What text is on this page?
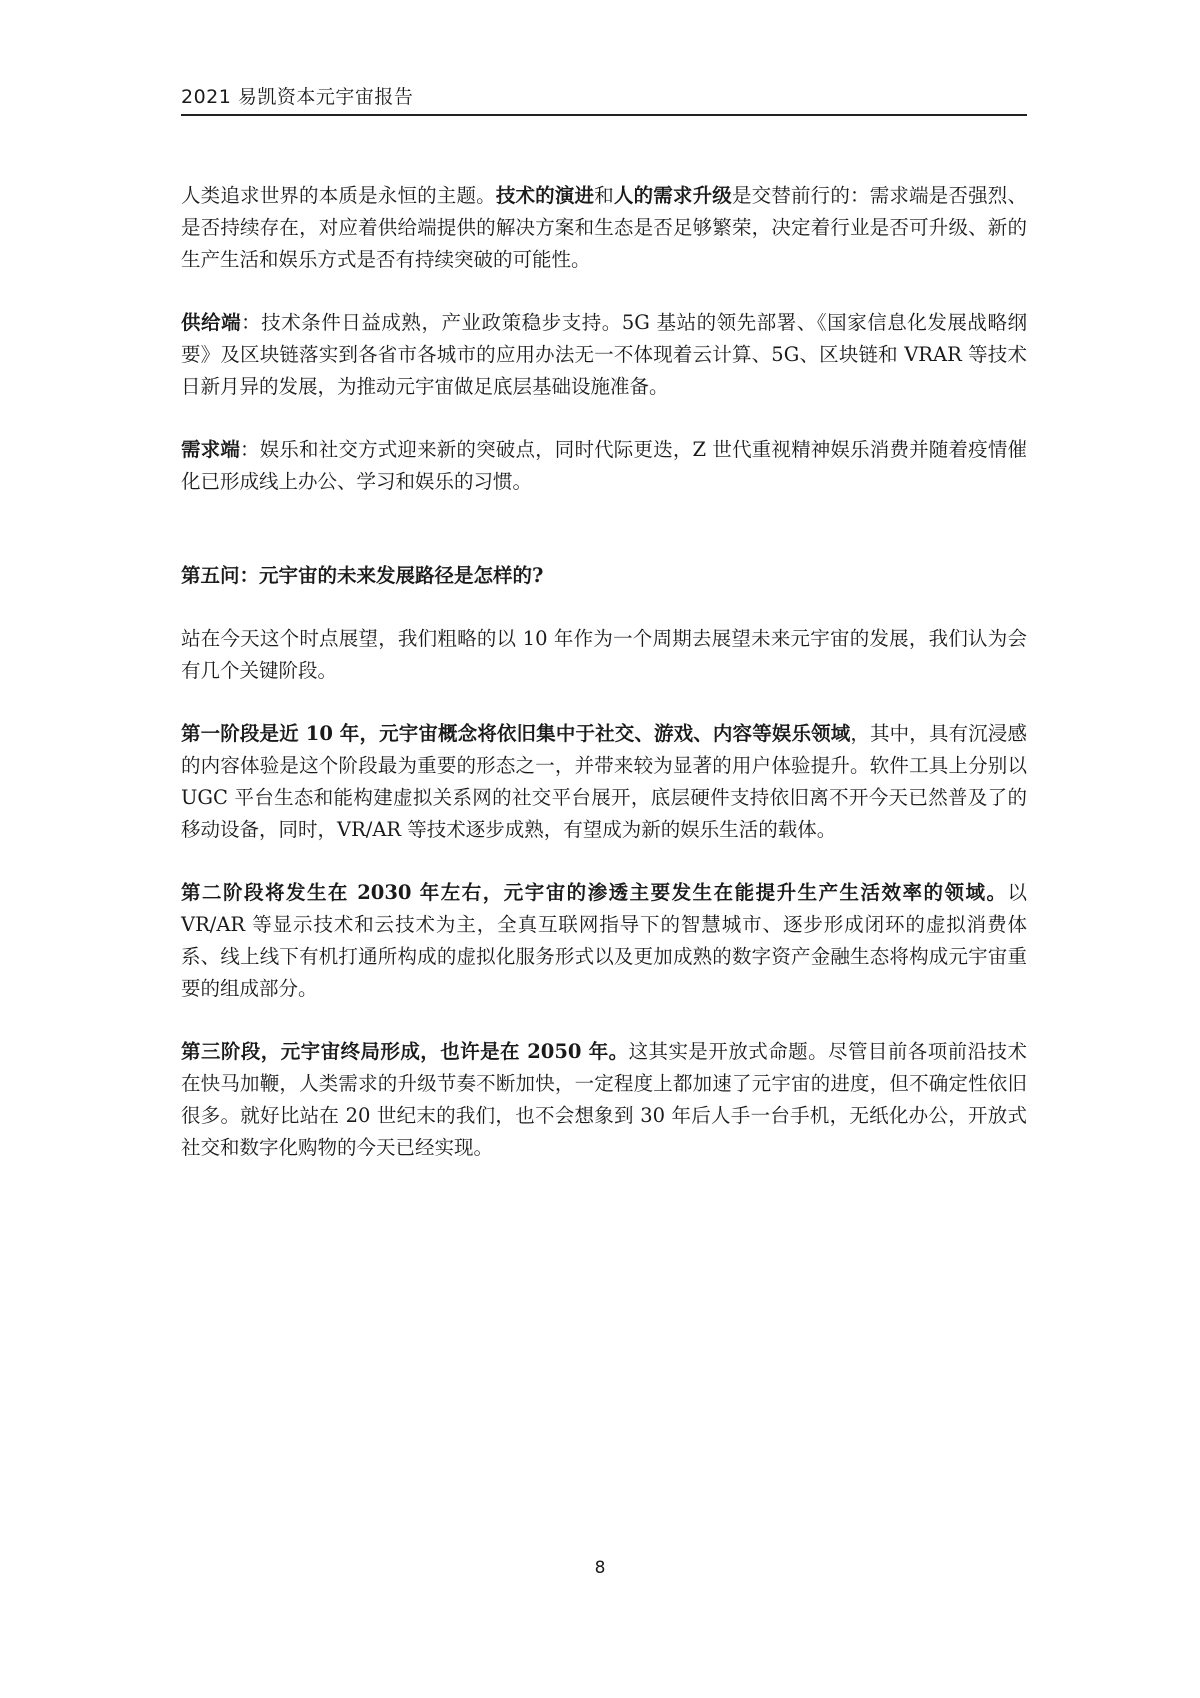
2021 易凯资本元宇宙报告

人类追求世界的本质是永恒的主题。技术的演进和人的需求升级是交替前行的：需求端是否强烈、是否持续存在，对应着供给端提供的解决方案和生态是否足够繁荣，决定着行业是否可升级、新的生产生活和娱乐方式是否有持续突破的可能性。

供给端：技术条件日益成熟，产业政策稳步支持。5G 基站的领先部署、《国家信息化发展战略纲要》及区块链落实到各省市各城市的应用办法无一不体现着云计算、5G、区块链和 VRAR 等技术日新月异的发展，为推动元宇宙做足底层基础设施准备。

需求端：娱乐和社交方式迎来新的突破点，同时代际更迭，Z 世代重视精神娱乐消费并随着疫情催化已形成线上办公、学习和娱乐的习惯。

第五问：元宇宙的未来发展路径是怎样的?

站在今天这个时点展望，我们粗略的以 10 年作为一个周期去展望未来元宇宙的发展，我们认为会有几个关键阶段。

第一阶段是近 10 年，元宇宙概念将依旧集中于社交、游戏、内容等娱乐领域，其中，具有沉浸感的内容体验是这个阶段最为重要的形态之一，并带来较为显著的用户体验提升。软件工具上分别以 UGC 平台生态和能构建虚拟关系网的社交平台展开，底层硬件支持依旧离不开今天已然普及了的移动设备，同时，VR/AR 等技术逐步成熟，有望成为新的娱乐生活的载体。

第二阶段将发生在 2030 年左右，元宇宙的渗透主要发生在能提升生产生活效率的领域。以 VR/AR 等显示技术和云技术为主，全真互联网指导下的智慧城市、逐步形成闭环的虚拟消费体系、线上线下有机打通所构成的虚拟化服务形式以及更加成熟的数字资产金融生态将构成元宇宙重要的组成部分。

第三阶段，元宇宙终局形成，也许是在 2050 年。这其实是开放式命题。尽管目前各项前沿技术在快马加鞭，人类需求的升级节奏不断加快，一定程度上都加速了元宇宙的进度，但不确定性依旧很多。就好比站在 20 世纪末的我们，也不会想象到 30 年后人手一台手机，无纸化办公，开放式社交和数字化购物的今天已经实现。

8
